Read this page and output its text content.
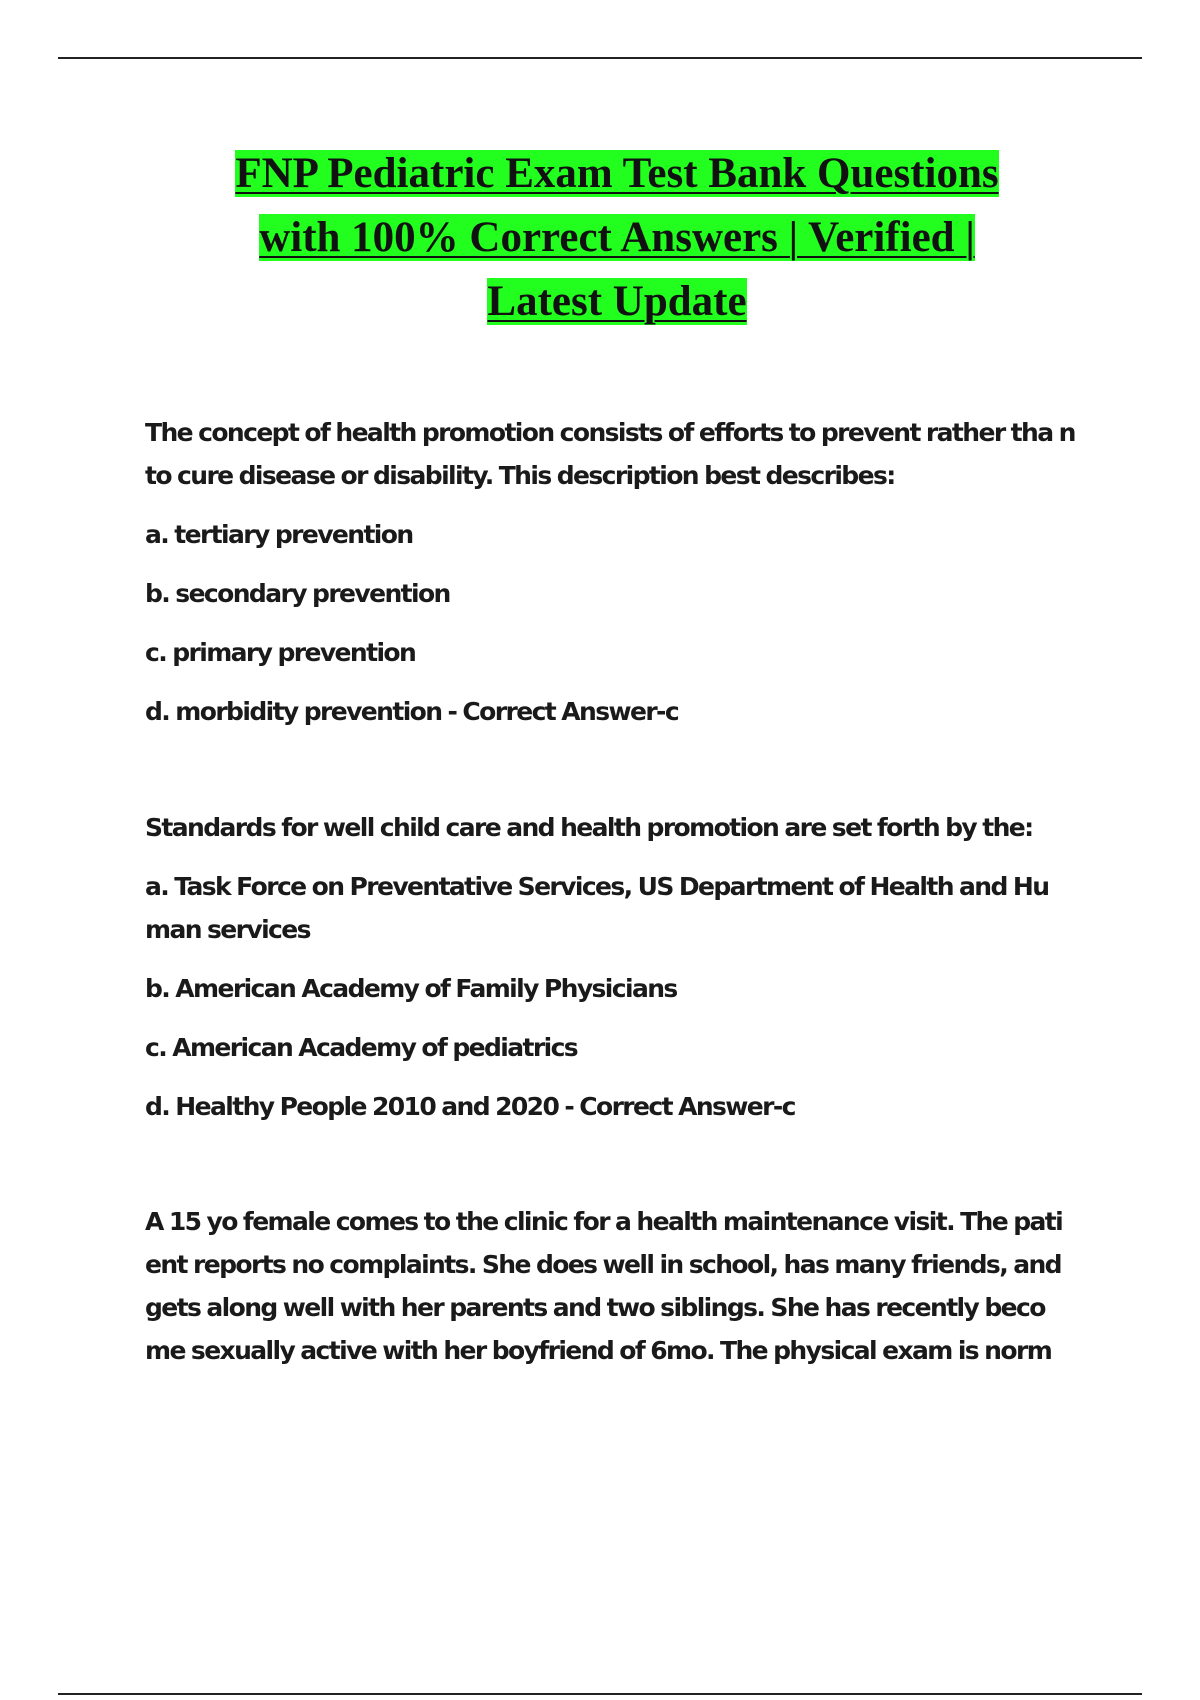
FNP Pediatric Exam Test Bank Questions
with 100% Correct Answers | Verified |
Latest Update

The concept of health promotion consists of efforts to prevent rather tha n to cure disease or disability. This description best describes:

a. tertiary prevention

b. secondary prevention

c. primary prevention

d. morbidity prevention - Correct Answer-c

Standards for well child care and health promotion are set forth by the:

a. Task Force on Preventative Services, US Department of Health and Hu man services

b. American Academy of Family Physicians

c. American Academy of pediatrics

d. Healthy People 2010 and 2020 - Correct Answer-c

A 15 yo female comes to the clinic for a health maintenance visit. The pati ent reports no complaints. She does well in school, has many friends, and gets along well with her parents and two siblings. She has recently beco me sexually active with her boyfriend of 6mo. The physical exam is norm
